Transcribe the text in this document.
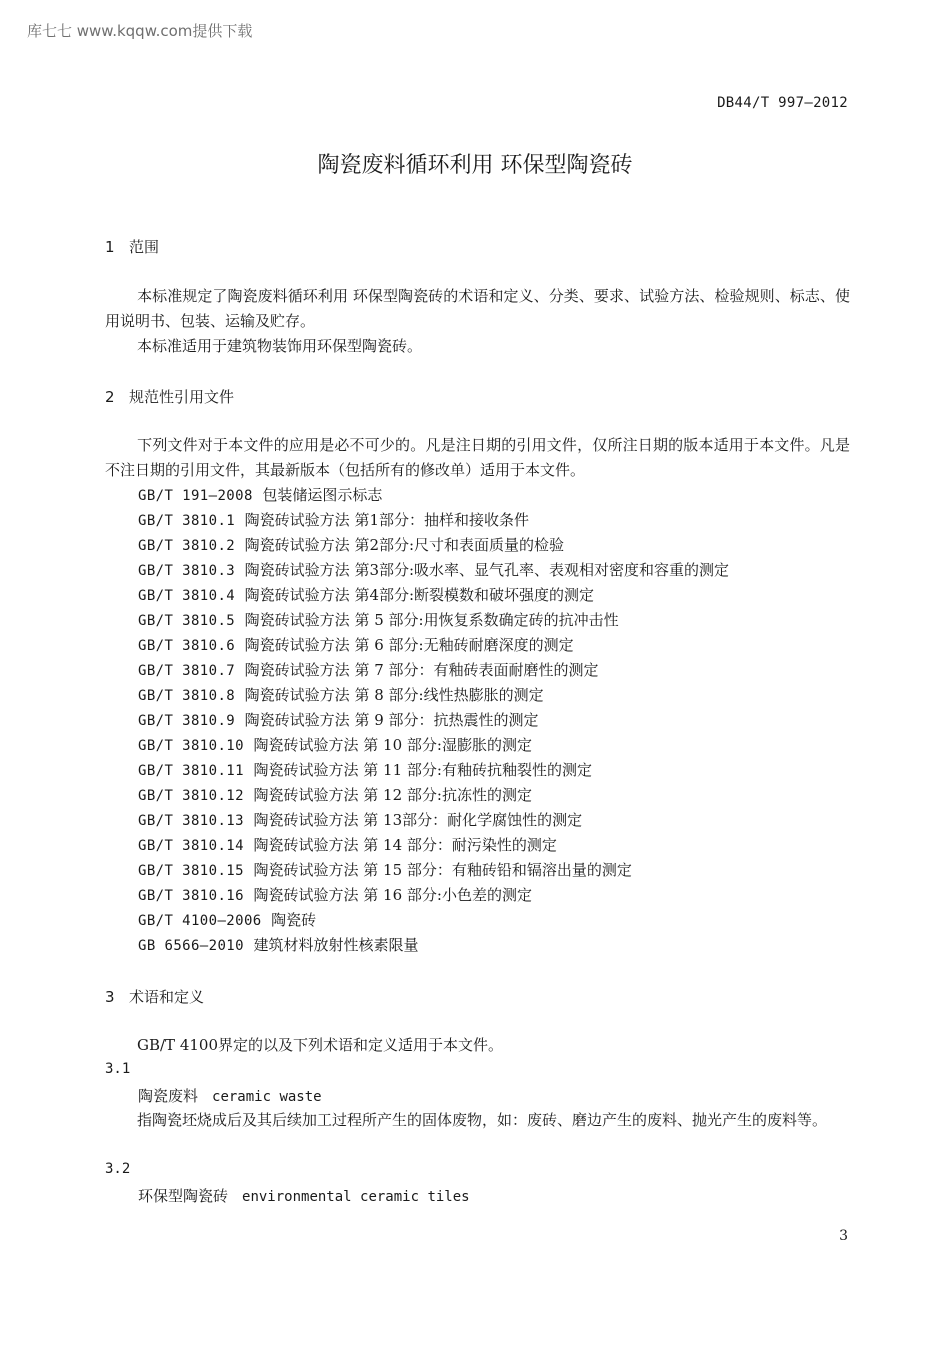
库七七 www.kqqw.com提供下载
DB44/T 997—2012
陶瓷废料循环利用 环保型陶瓷砖
1 范围
本标准规定了陶瓷废料循环利用 环保型陶瓷砖的术语和定义、分类、要求、试验方法、检验规则、标志、使用说明书、包装、运输及贮存。
本标准适用于建筑物装饰用环保型陶瓷砖。
2 规范性引用文件
下列文件对于本文件的应用是必不可少的。凡是注日期的引用文件，仅所注日期的版本适用于本文件。凡是不注日期的引用文件，其最新版本（包括所有的修改单）适用于本文件。
GB/T 191—2008 包装储运图示标志
GB/T 3810.1 陶瓷砖试验方法 第1部分：抽样和接收条件
GB/T 3810.2 陶瓷砖试验方法 第2部分:尺寸和表面质量的检验
GB/T 3810.3 陶瓷砖试验方法 第3部分:吸水率、显气孔率、表观相对密度和容重的测定
GB/T 3810.4 陶瓷砖试验方法 第4部分:断裂模数和破坏强度的测定
GB/T 3810.5 陶瓷砖试验方法 第 5 部分:用恢复系数确定砖的抗冲击性
GB/T 3810.6 陶瓷砖试验方法 第 6 部分:无釉砖耐磨深度的测定
GB/T 3810.7 陶瓷砖试验方法 第 7 部分：有釉砖表面耐磨性的测定
GB/T 3810.8 陶瓷砖试验方法 第 8 部分:线性热膨胀的测定
GB/T 3810.9 陶瓷砖试验方法 第 9 部分：抗热震性的测定
GB/T 3810.10 陶瓷砖试验方法 第 10 部分:湿膨胀的测定
GB/T 3810.11 陶瓷砖试验方法 第 11 部分:有釉砖抗釉裂性的测定
GB/T 3810.12 陶瓷砖试验方法 第 12 部分:抗冻性的测定
GB/T 3810.13 陶瓷砖试验方法 第 13部分：耐化学腐蚀性的测定
GB/T 3810.14 陶瓷砖试验方法 第 14 部分：耐污染性的测定
GB/T 3810.15 陶瓷砖试验方法 第 15 部分：有釉砖铅和镉溶出量的测定
GB/T 3810.16 陶瓷砖试验方法 第 16 部分:小色差的测定
GB/T 4100—2006 陶瓷砖
GB 6566—2010 建筑材料放射性核素限量
3 术语和定义
GB/T 4100界定的以及下列术语和定义适用于本文件。
3.1
陶瓷废料 ceramic waste
指陶瓷坯烧成后及其后续加工过程所产生的固体废物，如：废砖、磨边产生的废料、抛光产生的废料等。
3.2
环保型陶瓷砖 environmental ceramic tiles
3
